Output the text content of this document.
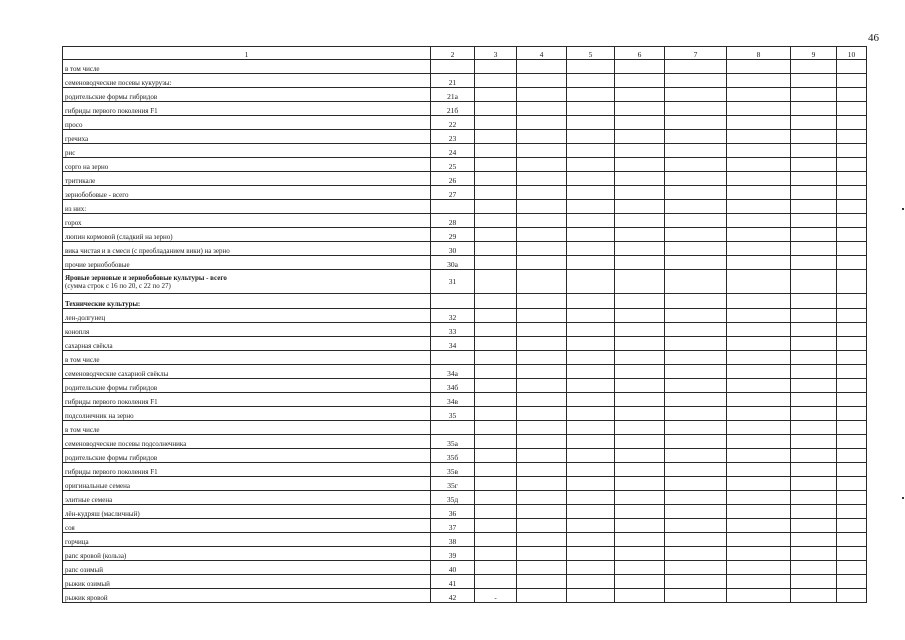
46
1	2	3	4	5	6	7	8	9	10
в том числе									
семеноводческие посевы кукурузы:	21								
родительские формы гибридов	21а								
гибриды первого поколения F1	21б								
просо	22								
гречиха	23								
рис	24								
сорго на зерно	25								
тритикале	26								
зернобобовые - всего	27								
из них:									
горох	28								
люпин кормовой (сладкий на зерно)	29								
вика чистая и в смеси (с преобладанием вики) на зерно	30								
прочие зернобобовые	30а								
Яровые зерновые и зернобобовые культуры - всего
(сумма строк с 16 по 20, с 22 по 27)	31								
Технические культуры:									
лен-долгунец	32								
конопля	33								
сахарная свёкла	34								
в том числе									
семеноводческие сахарной свёклы	34а								
родительские формы гибридов	34б								
гибриды первого поколения F1	34в								
подсолнечник на зерно	35								
в том числе									
семеноводческие посевы подсолнечника	35а								
родительские формы гибридов	35б								
гибриды первого поколения F1	35в								
оригинальные семена	35г								
элитные семена	35д								
лён-кудряш (масличный)	36								
соя	37								
горчица	38								
рапс яровой (кольза)	39								
рапс озимый	40								
рыжик озимый	41								
рыжик яровой	42	-							
